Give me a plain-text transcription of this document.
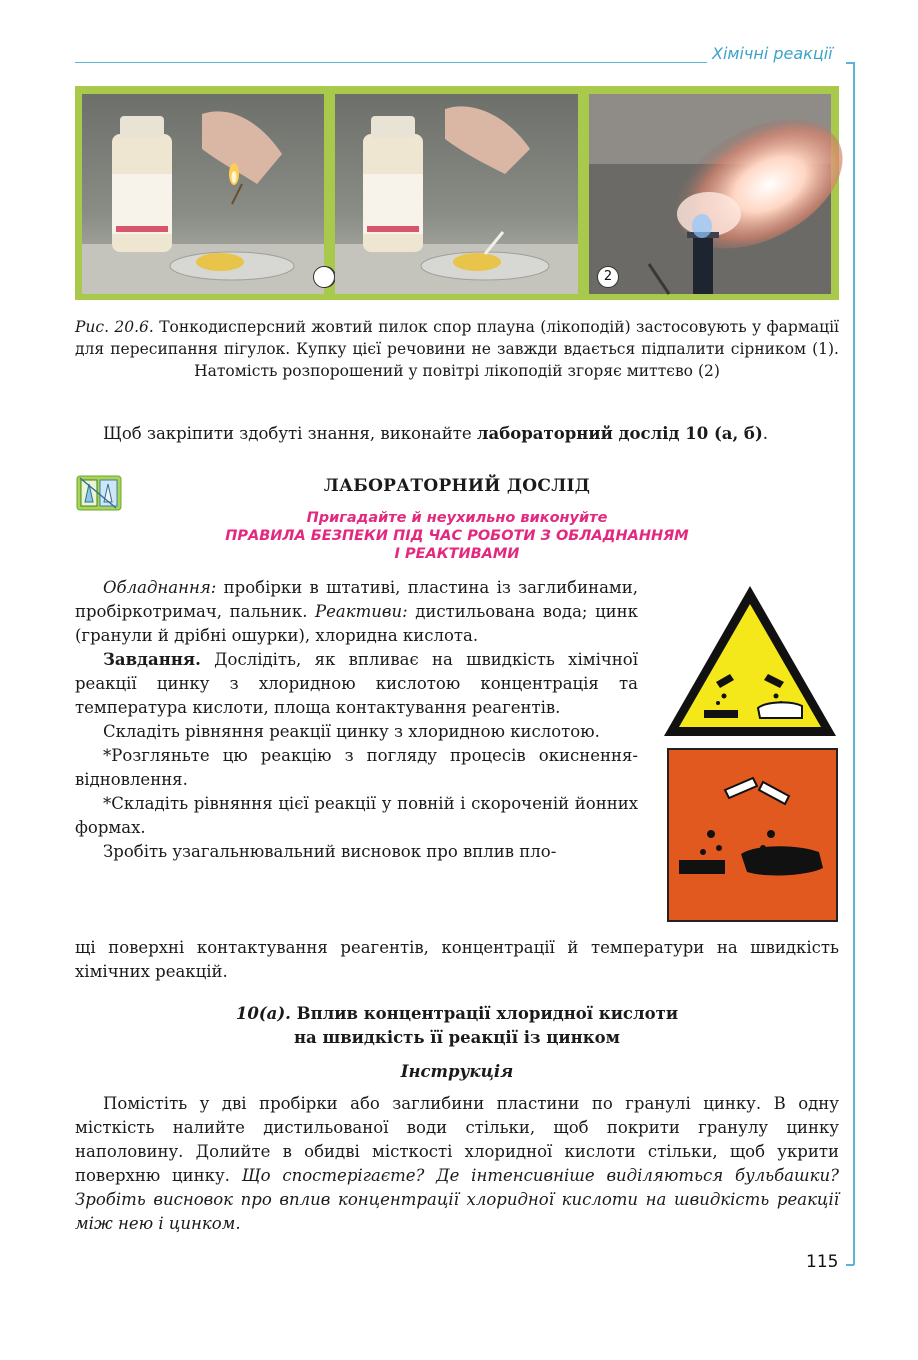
Хімічні реакції
2
Рис. 20.6. Тонкодисперсний жовтий пилок спор плауна (лікоподій) застосовують у фармації для пересипання пігулок. Купку цієї речовини не завжди вдається підпалити сірником (1). Натомість розпорошений у повітрі лікоподій згоряє миттєво (2)
Щоб закріпити здобуті знання, виконайте лабораторний дослід 10 (а, б).
ЛАБОРАТОРНИЙ ДОСЛІД
Пригадайте й неухильно виконуйте
ПРАВИЛА БЕЗПЕКИ ПІД ЧАС РОБОТИ З ОБЛАДНАННЯМ
І РЕАКТИВАМИ

Обладнання: пробірки в штативі, пластина із заглибинами, пробіркотримач, пальник. Реактиви: дистильована вода; цинк (гранули й дрібні ошурки), хлоридна кислота.

Завдання. Дослідіть, як впливає на швидкість хімічної реакції цинку з хлоридною кислотою концентрація та температура кислоти, площа контактування реагентів.

Складіть рівняння реакції цинку з хлоридною кислотою.

*Розгляньте цю реакцію з погляду процесів окиснення-відновлення.

*Складіть рівняння цієї реакції у повній і скороченій йонних формах.

Зробіть узагальнювальний висновок про вплив пло-

щі поверхні контактування реагентів, концентрації й температури на швидкість хімічних реакцій.

10(а). Вплив концентрації хлоридної кислоти
на швидкість її реакції із цинком
Інструкція

Помістіть у дві пробірки або заглибини пластини по гранулі цинку. В одну місткість налийте дистильованої води стільки, щоб покрити гранулу цинку наполовину. Долийте в обидві місткості хлоридної кислоти стільки, щоб укрити поверхню цинку. Що спостерігаєте? Де інтенсивніше виділяються бульбашки? Зробіть висновок про вплив концентрації хлоридної кислоти на швидкість реакції між нею і цинком.

115
